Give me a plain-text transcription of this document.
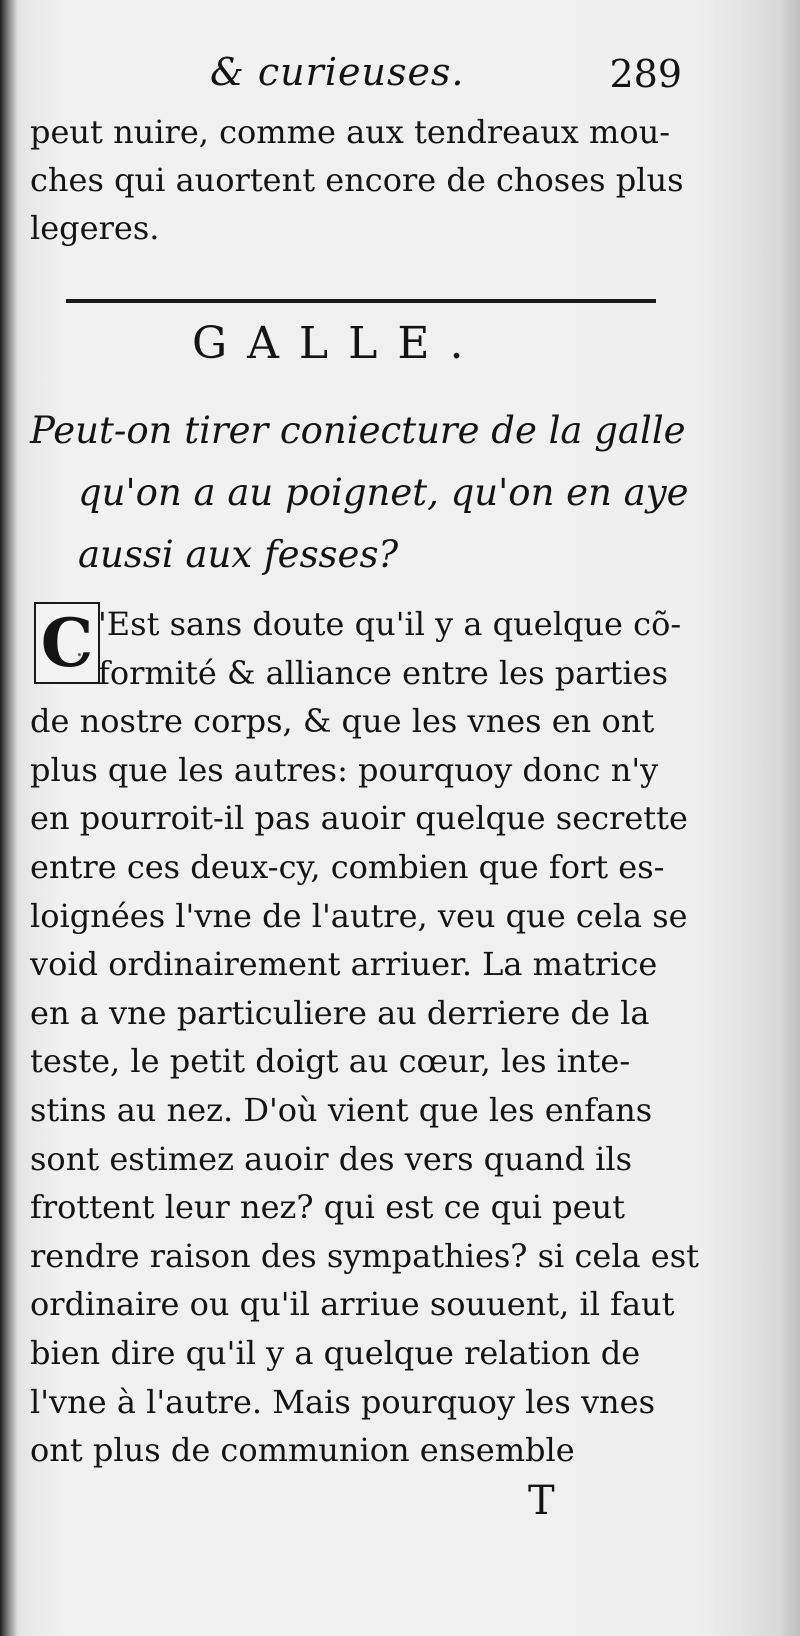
& curieuses.	289
peut nuire, comme aux tendreaux mou-
ches qui auortent encore de choses plus
legeres.
GALLE.
Peut-on tirer coniecture de la galle
qu'on a au poignet, qu'on en aye
aussi aux fesses?
C 'Est sans doute qu'il y a quelque cõ-
formité & alliance entre les parties
de nostre corps, & que les vnes en ont
plus que les autres: pourquoy donc n'y
en pourroit-il pas auoir quelque secrette
entre ces deux-cy, combien que fort es-
loignées l'vne de l'autre, veu que cela se
void ordinairement arriuer. La matrice
en a vne particuliere au derriere de la
teste, le petit doigt au cœur, les inte-
stins au nez. D'où vient que les enfans
sont estimez auoir des vers quand ils
frottent leur nez? qui est ce qui peut
rendre raison des sympathies? si cela est
ordinaire ou qu'il arriue souuent, il faut
bien dire qu'il y a quelque relation de
l'vne à l'autre. Mais pourquoy les vnes
ont plus de communion ensemble
T
